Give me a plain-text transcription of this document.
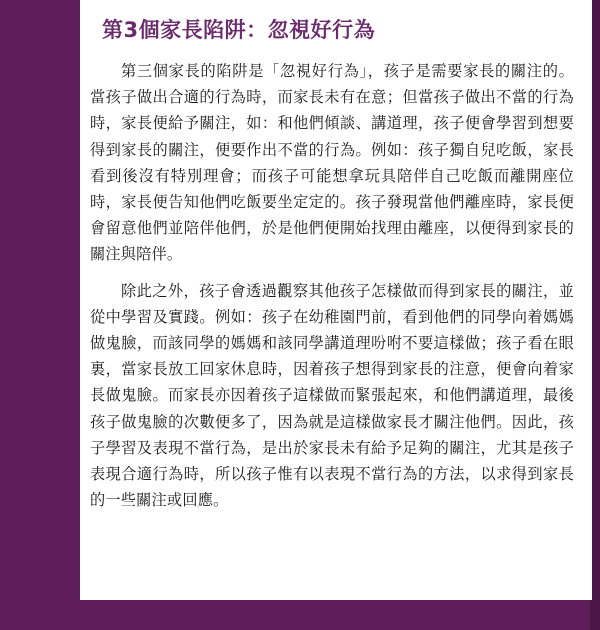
第3個家長陷阱：忽視好行為

第三個家長的陷阱是「忽視好行為」，孩子是需要家長的關注的。當孩子做出合適的行為時，而家長未有在意；但當孩子做出不當的行為時，家長便給予關注，如：和他們傾談、講道理，孩子便會學習到想要得到家長的關注，便要作出不當的行為。例如：孩子獨自兒吃飯，家長看到後沒有特別理會；而孩子可能想拿玩具陪伴自己吃飯而離開座位時，家長便告知他們吃飯要坐定定的。孩子發現當他們離座時，家長便會留意他們並陪伴他們，於是他們便開始找理由離座，以便得到家長的關注與陪伴。

除此之外，孩子會透過觀察其他孩子怎樣做而得到家長的關注，並從中學習及實踐。例如：孩子在幼稚園門前，看到他們的同學向着媽媽做鬼臉，而該同學的媽媽和該同學講道理吩咐不要這樣做；孩子看在眼裏，當家長放工回家休息時，因着孩子想得到家長的注意，便會向着家長做鬼臉。而家長亦因着孩子這樣做而緊張起來，和他們講道理，最後孩子做鬼臉的次數便多了，因為就是這樣做家長才關注他們。因此，孩子學習及表現不當行為，是出於家長未有給予足夠的關注，尤其是孩子表現合適行為時，所以孩子惟有以表現不當行為的方法，以求得到家長的一些關注或回應。
